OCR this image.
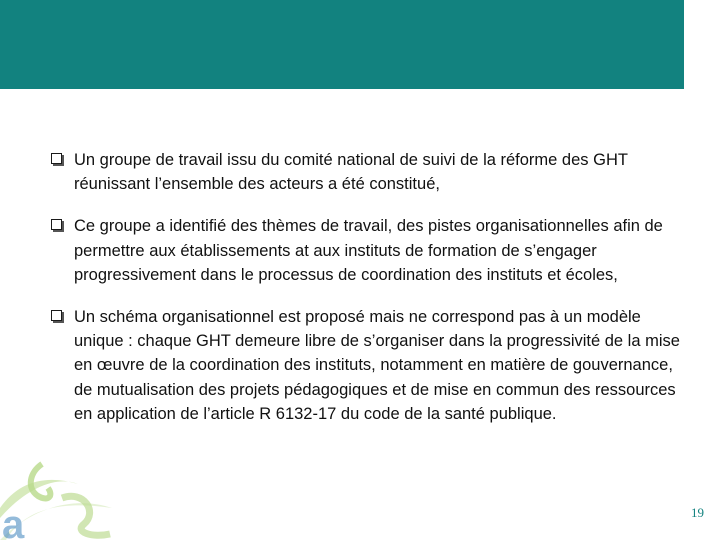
a
Un groupe de travail issu du comité national de suivi de la réforme des GHT réunissant l’ensemble des acteurs a été constitué,
Ce groupe a identifié des thèmes de travail, des pistes organisationnelles afin de permettre aux établissements at aux instituts de formation de s’engager progressivement dans le processus de coordination des instituts et écoles,
Un schéma organisationnel est proposé mais ne correspond pas à un modèle unique : chaque GHT demeure libre de s’organiser dans la progressivité de la mise en œuvre de la coordination des instituts, notamment en matière de gouvernance, de mutualisation des projets pédagogiques et de mise en commun des ressources en application de l’article R 6132-17 du code de la santé publique.
19
